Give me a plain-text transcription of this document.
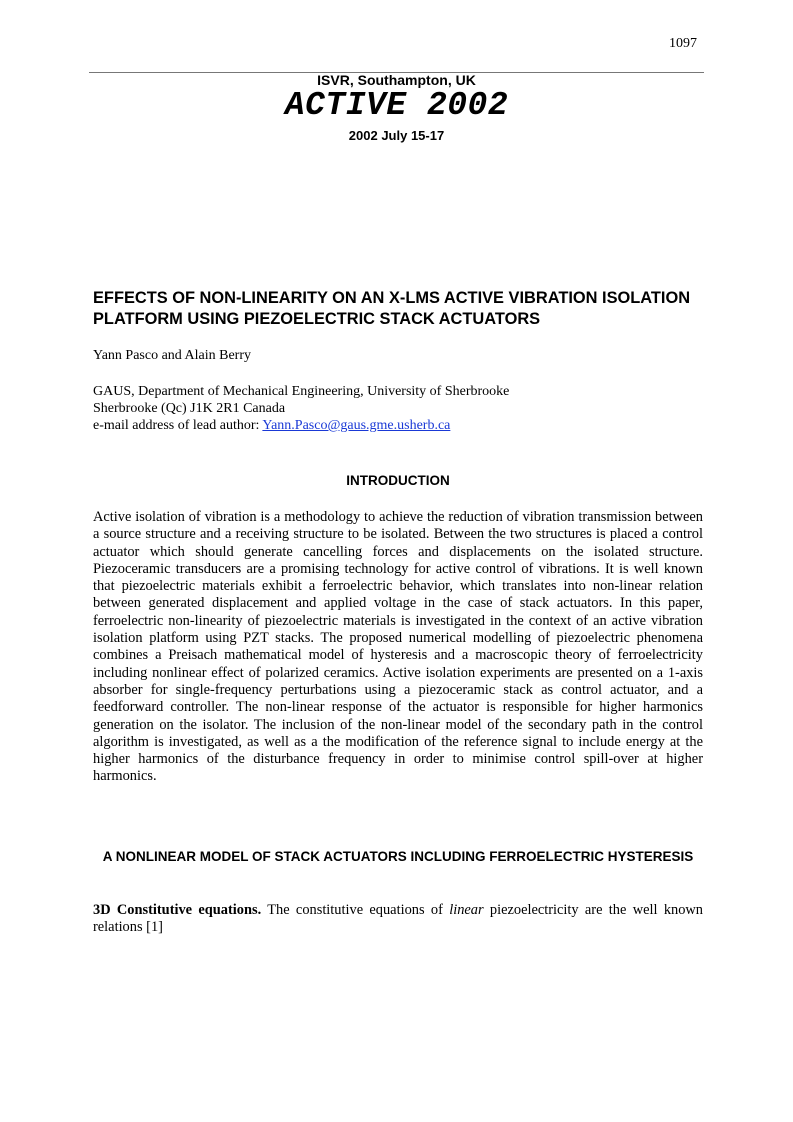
1097
ISVR, Southampton, UK
ACTIVE 2002
2002 July 15-17
EFFECTS OF NON-LINEARITY ON AN X-LMS ACTIVE VIBRATION ISOLATION PLATFORM USING PIEZOELECTRIC STACK ACTUATORS
Yann Pasco and Alain Berry
GAUS, Department of Mechanical Engineering, University of Sherbrooke
Sherbrooke (Qc) J1K 2R1 Canada
e-mail address of lead author: Yann.Pasco@gaus.gme.usherb.ca
INTRODUCTION
Active isolation of vibration is a methodology to achieve the reduction of vibration transmission between a source structure and a receiving structure to be isolated. Between the two structures is placed a control actuator which should generate cancelling forces and displacements on the isolated structure. Piezoceramic transducers are a promising technology for active control of vibrations. It is well known that piezoelectric materials exhibit a ferroelectric behavior, which translates into non-linear relation between generated displacement and applied voltage in the case of stack actuators. In this paper, ferroelectric non-linearity of piezoelectric materials is investigated in the context of an active vibration isolation platform using PZT stacks. The proposed numerical modelling of piezoelectric phenomena combines a Preisach mathematical model of hysteresis and a macroscopic theory of ferroelectricity including nonlinear effect of polarized ceramics. Active isolation experiments are presented on a 1-axis absorber for single-frequency perturbations using a piezoceramic stack as control actuator, and a feedforward controller. The non-linear response of the actuator is responsible for higher harmonics generation on the isolator. The inclusion of the non-linear model of the secondary path in the control algorithm is investigated, as well as a the modification of the reference signal to include energy at the higher harmonics of the disturbance frequency in order to minimise control spill-over at higher harmonics.
A NONLINEAR MODEL OF STACK ACTUATORS INCLUDING FERROELECTRIC HYSTERESIS
3D Constitutive equations. The constitutive equations of linear piezoelectricity are the well known relations [1]
